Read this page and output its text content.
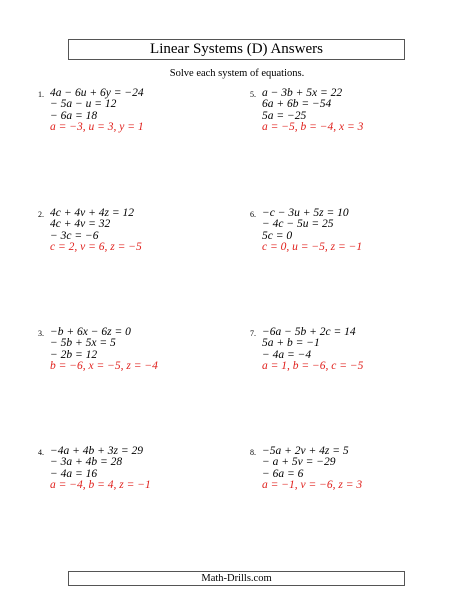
Linear Systems (D) Answers
Solve each system of equations.
1. 4a − 6u + 6y = −24
− 5a − u = 12
− 6a = 18
a = −3, u = 3, y = 1
2. 4c + 4v + 4z = 12
4c + 4v = 32
− 3c = −6
c = 2, v = 6, z = −5
3. −b + 6x − 6z = 0
− 5b + 5x = 5
− 2b = 12
b = −6, x = −5, z = −4
4. −4a + 4b + 3z = 29
− 3a + 4b = 28
− 4a = 16
a = −4, b = 4, z = −1
5. a − 3b + 5x = 22
6a + 6b = −54
5a = −25
a = −5, b = −4, x = 3
6. −c − 3u + 5z = 10
− 4c − 5u = 25
5c = 0
c = 0, u = −5, z = −1
7. −6a − 5b + 2c = 14
5a + b = −1
− 4a = −4
a = 1, b = −6, c = −5
8. −5a + 2v + 4z = 5
− a + 5v = −29
− 6a = 6
a = −1, v = −6, z = 3
Math-Drills.com
